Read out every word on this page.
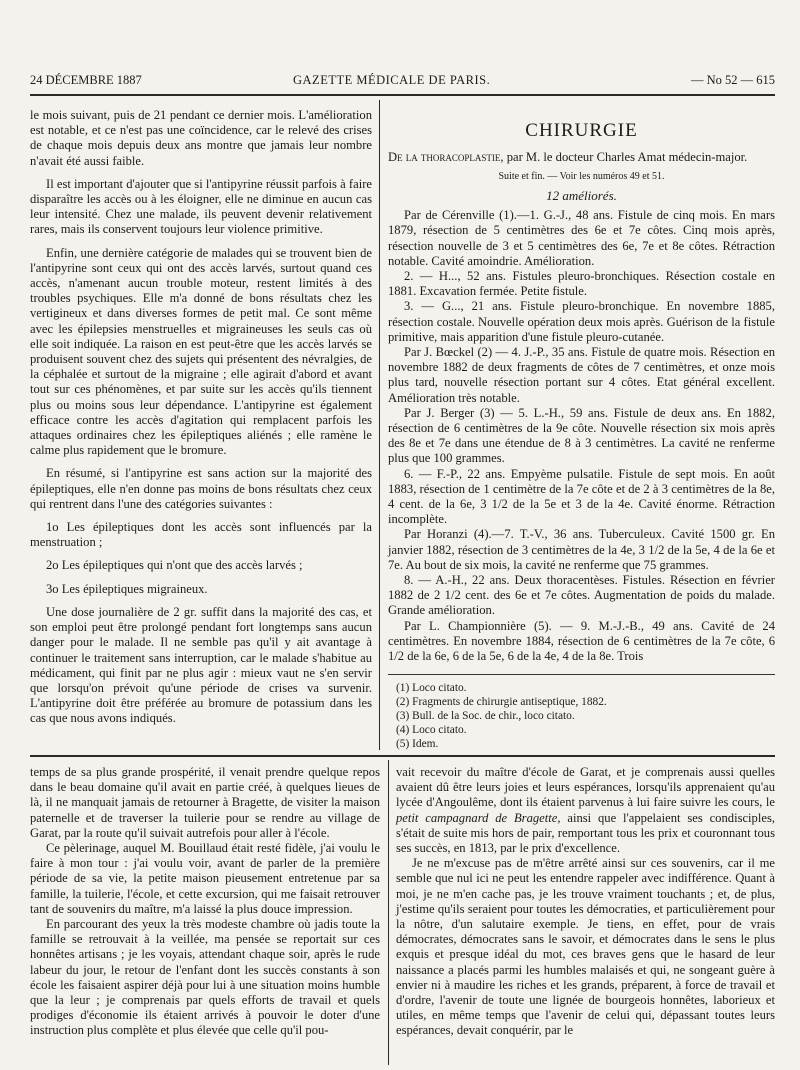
24 DÉCEMBRE 1887	GAZETTE MÉDICALE DE PARIS.	— No 52 — 615

le mois suivant, puis de 21 pendant ce dernier mois. L'amélioration est notable, et ce n'est pas une coïncidence, car le relevé des crises de chaque mois depuis deux ans montre que jamais leur nombre n'avait été aussi faible.

Il est important d'ajouter que si l'antipyrine réussit parfois à faire disparaître les accès ou à les éloigner, elle ne diminue en aucun cas leur intensité. Chez une malade, ils peuvent devenir relativement rares, mais ils conservent toujours leur violence primitive.

Enfin, une dernière catégorie de malades qui se trouvent bien de l'antipyrine sont ceux qui ont des accès larvés, surtout quand ces accès, n'amenant aucun trouble moteur, restent limités à des troubles psychiques. Elle m'a donné de bons résultats chez les vertigineux et dans diverses formes de petit mal. Ce sont même avec les épilepsies menstruelles et migraineuses les seuls cas où elle soit indiquée. La raison en est peut-être que les accès larvés se produisent souvent chez des sujets qui présentent des névralgies, de la céphalée et surtout de la migraine ; elle agirait d'abord et avant tout sur ces phénomènes, et par suite sur les accès qu'ils tiennent plus ou moins sous leur dépendance. L'antipyrine est également efficace contre les accès d'agitation qui remplacent parfois les attaques ordinaires chez les épileptiques aliénés ; elle ramène le calme plus rapidement que le bromure.

En résumé, si l'antipyrine est sans action sur la majorité des épileptiques, elle n'en donne pas moins de bons résultats chez ceux qui rentrent dans l'une des catégories suivantes :

1o Les épileptiques dont les accès sont influencés par la menstruation ;

2o Les épileptiques qui n'ont que des accès larvés ;

3o Les épileptiques migraineux.

Une dose journalière de 2 gr. suffit dans la majorité des cas, et son emploi peut être prolongé pendant fort longtemps sans aucun danger pour le malade. Il ne semble pas qu'il y ait avantage à continuer le traitement sans interruption, car le malade s'habitue au médicament, qui finit par ne plus agir : mieux vaut ne s'en servir que lorsqu'on prévoit qu'une période de crises va survenir. L'antipyrine doit être préférée au bromure de potassium dans les cas que nous avons indiqués.

CHIRURGIE

De la thoracoplastie, par M. le docteur Charles Amat médecin-major.

Suite et fin. — Voir les numéros 49 et 51.
12 améliorés.

Par de Cérenville (1).—1. G.-J., 48 ans. Fistule de cinq mois. En mars 1879, résection de 5 centimètres des 6e et 7e côtes. Cinq mois après, résection nouvelle de 3 et 5 centimètres des 6e, 7e et 8e côtes. Rétraction notable. Cavité amoindrie. Amélioration.

2. — H..., 52 ans. Fistules pleuro-bronchiques. Résection costale en 1881. Excavation fermée. Petite fistule.

3. — G..., 21 ans. Fistule pleuro-bronchique. En novembre 1885, résection costale. Nouvelle opération deux mois après. Guérison de la fistule primitive, mais apparition d'une fistule pleuro-cutanée.

Par J. Bœckel (2) — 4. J.-P., 35 ans. Fistule de quatre mois. Résection en novembre 1882 de deux fragments de côtes de 7 centimètres, et onze mois plus tard, nouvelle résection portant sur 4 côtes. Etat général excellent. Amélioration très notable.

Par J. Berger (3) — 5. L.-H., 59 ans. Fistule de deux ans. En 1882, résection de 6 centimètres de la 9e côte. Nouvelle résection six mois après des 8e et 7e dans une étendue de 8 à 3 centimètres. La cavité ne renferme plus que 100 grammes.

6. — F.-P., 22 ans. Empyème pulsatile. Fistule de sept mois. En août 1883, résection de 1 centimètre de la 7e côte et de 2 à 3 centimètres de la 8e, 4 cent. de la 6e, 3 1/2 de la 5e et 3 de la 4e. Cavité énorme. Rétraction incomplète.

Par Horanzi (4).—7. T.-V., 36 ans. Tuberculeux. Cavité 1500 gr. En janvier 1882, résection de 3 centimètres de la 4e, 3 1/2 de la 5e, 4 de la 6e et 7e. Au bout de six mois, la cavité ne renferme que 75 grammes.

8. — A.-H., 22 ans. Deux thoracentèses. Fistules. Résection en février 1882 de 2 1/2 cent. des 6e et 7e côtes. Augmentation de poids du malade. Grande amélioration.

Par L. Championnière (5). — 9. M.-J.-B., 49 ans. Cavité de 24 centimètres. En novembre 1884, résection de 6 centimètres de la 7e côte, 6 1/2 de la 6e, 6 de la 5e, 6 de la 4e, 4 de la 8e. Trois

(1) Loco citato.
(2) Fragments de chirurgie antiseptique, 1882.
(3) Bull. de la Soc. de chir., loco citato.
(4) Loco citato.
(5) Idem.

temps de sa plus grande prospérité, il venait prendre quelque repos dans le beau domaine qu'il avait en partie créé, à quelques lieues de là, il ne manquait jamais de retourner à Bragette, de visiter la maison paternelle et de traverser la tuilerie pour se rendre au village de Garat, par la route qu'il suivait autrefois pour aller à l'école.

Ce pèlerinage, auquel M. Bouillaud était resté fidèle, j'ai voulu le faire à mon tour : j'ai voulu voir, avant de parler de la première période de sa vie, la petite maison pieusement entretenue par sa famille, la tuilerie, l'école, et cette excursion, qui me faisait retrouver tant de souvenirs du maître, m'a laissé la plus douce impression.

En parcourant des yeux la très modeste chambre où jadis toute la famille se retrouvait à la veillée, ma pensée se reportait sur ces honnêtes artisans ; je les voyais, attendant chaque soir, après le rude labeur du jour, le retour de l'enfant dont les succès constants à son école les faisaient aspirer déjà pour lui à une situation moins humble que la leur ; je comprenais par quels efforts de travail et quels prodiges d'économie ils étaient arrivés à pouvoir le doter d'une instruction plus complète et plus élevée que celle qu'il pou-

vait recevoir du maître d'école de Garat, et je comprenais aussi quelles avaient dû être leurs joies et leurs espérances, lorsqu'ils apprenaient qu'au lycée d'Angoulême, dont ils étaient parvenus à lui faire suivre les cours, le petit campagnard de Bragette, ainsi que l'appelaient ses condisciples, s'était de suite mis hors de pair, remportant tous les prix et couronnant tous ses succès, en 1813, par le prix d'excellence.

Je ne m'excuse pas de m'être arrêté ainsi sur ces souvenirs, car il me semble que nul ici ne peut les entendre rappeler avec indifférence. Quant à moi, je ne m'en cache pas, je les trouve vraiment touchants ; et, de plus, j'estime qu'ils seraient pour toutes les démocraties, et particulièrement pour la nôtre, d'un salutaire exemple. Je tiens, en effet, pour de vrais démocrates, démocrates sans le savoir, et démocrates dans le sens le plus exquis et presque idéal du mot, ces braves gens que le hasard de leur naissance a placés parmi les humbles malaisés et qui, ne songeant guère à envier ni à maudire les riches et les grands, préparent, à force de travail et d'ordre, l'avenir de toute une lignée de bourgeois honnêtes, laborieux et utiles, en même temps que l'avenir de celui qui, dépassant toutes leurs espérances, devait conquérir, par le
